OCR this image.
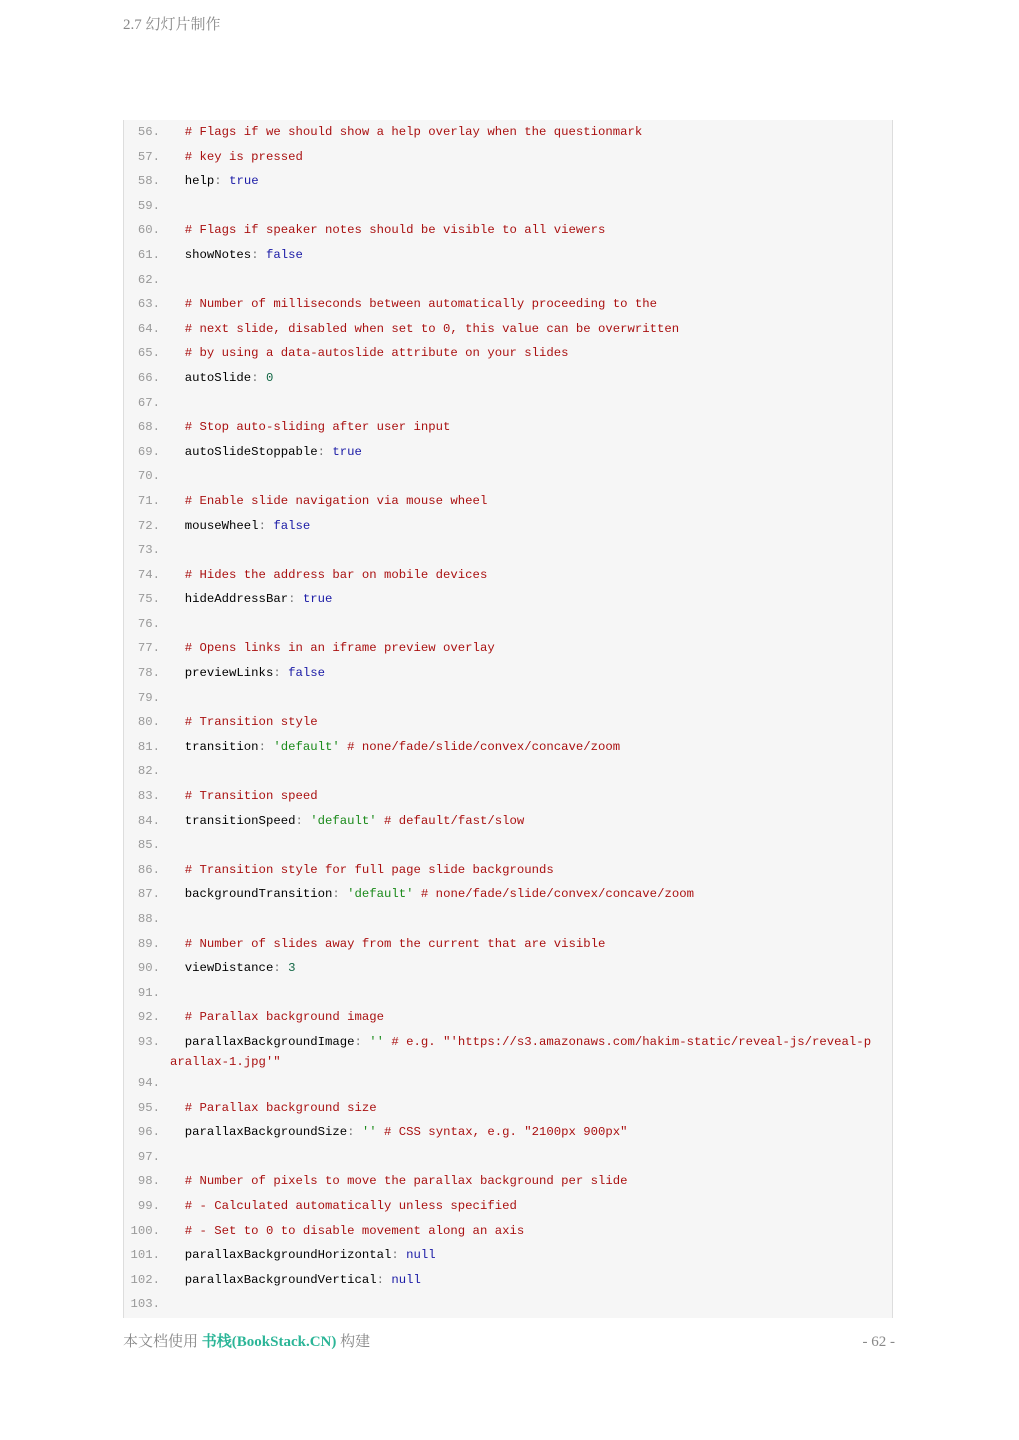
2.7 幻灯片制作
56. # Flags if we should show a help overlay when the questionmark
57. # key is pressed
58. help: true
59.
60. # Flags if speaker notes should be visible to all viewers
61. showNotes: false
62.
63. # Number of milliseconds between automatically proceeding to the
64. # next slide, disabled when set to 0, this value can be overwritten
65. # by using a data-autoslide attribute on your slides
66. autoSlide: 0
67.
68. # Stop auto-sliding after user input
69. autoSlideStoppable: true
70.
71. # Enable slide navigation via mouse wheel
72. mouseWheel: false
73.
74. # Hides the address bar on mobile devices
75. hideAddressBar: true
76.
77. # Opens links in an iframe preview overlay
78. previewLinks: false
79.
80. # Transition style
81. transition: 'default' # none/fade/slide/convex/concave/zoom
82.
83. # Transition speed
84. transitionSpeed: 'default' # default/fast/slow
85.
86. # Transition style for full page slide backgrounds
87. backgroundTransition: 'default' # none/fade/slide/convex/concave/zoom
88.
89. # Number of slides away from the current that are visible
90. viewDistance: 3
91.
92. # Parallax background image
93. parallaxBackgroundImage: '' # e.g. "'https://s3.amazonaws.com/hakim-static/reveal-js/reveal-parallax-1.jpg'"
94.
95. # Parallax background size
96. parallaxBackgroundSize: '' # CSS syntax, e.g. "2100px 900px"
97.
98. # Number of pixels to move the parallax background per slide
99. # - Calculated automatically unless specified
100. # - Set to 0 to disable movement along an axis
101. parallaxBackgroundHorizontal: null
102. parallaxBackgroundVertical: null
103.
本文档使用 书栈(BookStack.CN) 构建	- 62 -
